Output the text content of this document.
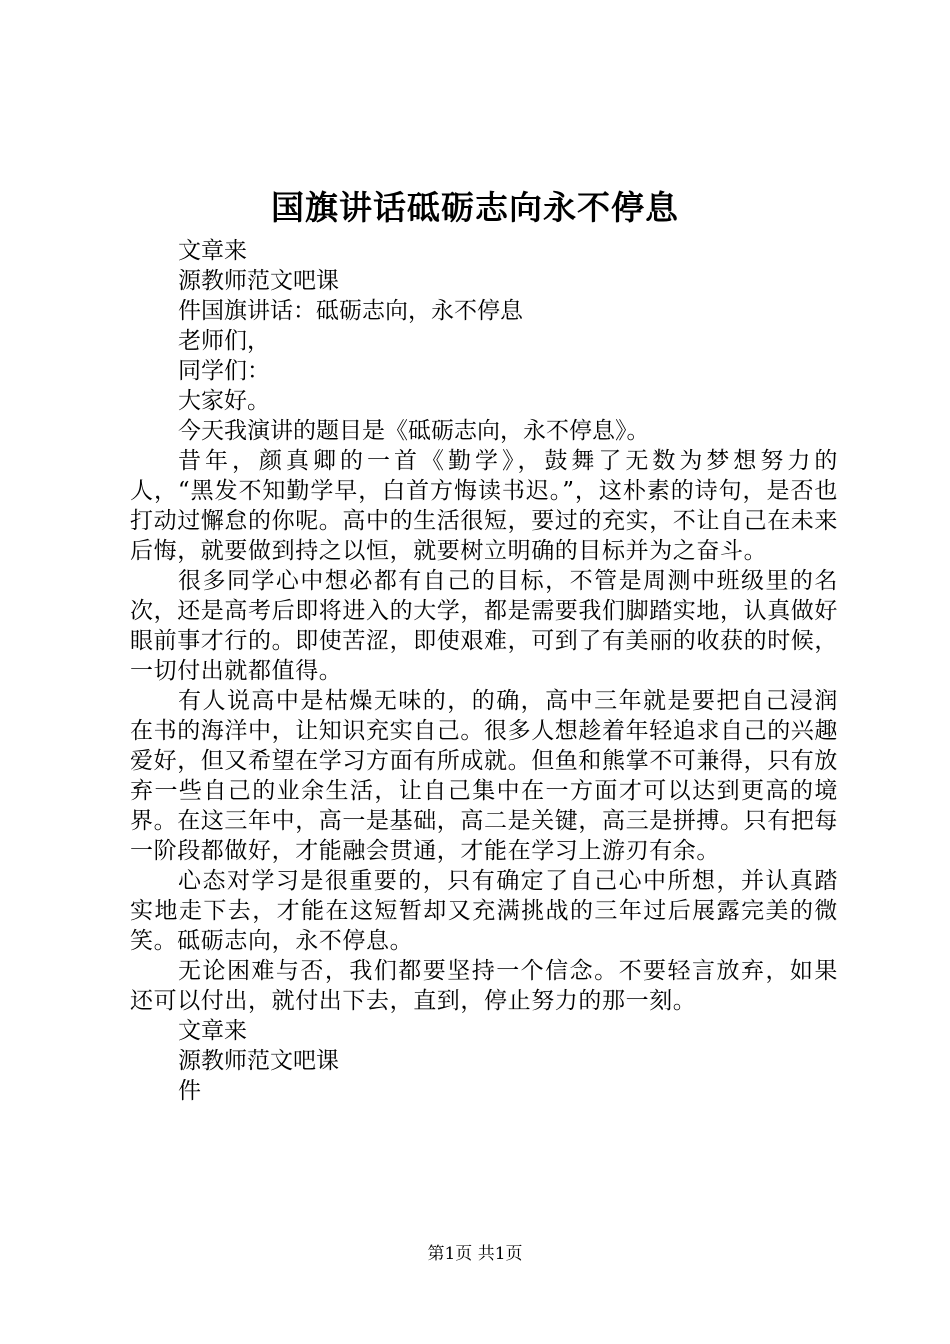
国旗讲话砥砺志向永不停息

文章来

源教师范文吧课

件国旗讲话：砥砺志向，永不停息

老师们，

同学们：

大家好。

今天我演讲的题目是《砥砺志向，永不停息》。

昔年，颜真卿的一首《勤学》，鼓舞了无数为梦想努力的人，“黑发不知勤学早，白首方悔读书迟。”，这朴素的诗句，是否也打动过懈怠的你呢。高中的生活很短，要过的充实，不让自己在未来后悔，就要做到持之以恒，就要树立明确的目标并为之奋斗。

很多同学心中想必都有自己的目标，不管是周测中班级里的名次，还是高考后即将进入的大学，都是需要我们脚踏实地，认真做好眼前事才行的。即使苦涩，即使艰难，可到了有美丽的收获的时候，一切付出就都值得。

有人说高中是枯燥无味的，的确，高中三年就是要把自己浸润在书的海洋中，让知识充实自己。很多人想趁着年轻追求自己的兴趣爱好，但又希望在学习方面有所成就。但鱼和熊掌不可兼得，只有放弃一些自己的业余生活，让自己集中在一方面才可以达到更高的境界。在这三年中，高一是基础，高二是关键，高三是拼搏。只有把每一阶段都做好，才能融会贯通，才能在学习上游刃有余。

心态对学习是很重要的，只有确定了自己心中所想，并认真踏实地走下去，才能在这短暂却又充满挑战的三年过后展露完美的微笑。砥砺志向，永不停息。

无论困难与否，我们都要坚持一个信念。不要轻言放弃，如果还可以付出，就付出下去，直到，停止努力的那一刻。

文章来

源教师范文吧课

件

第1页 共1页
